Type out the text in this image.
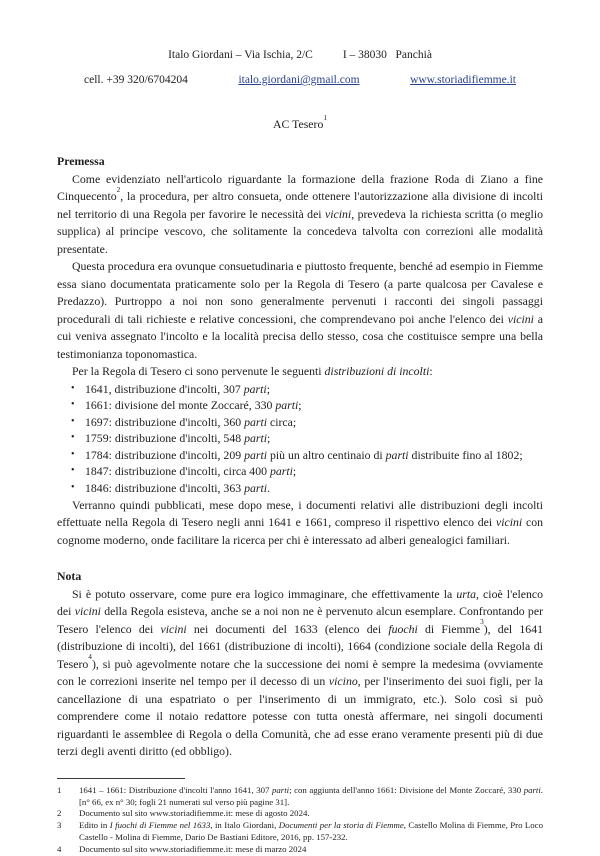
Italo Giordani – Via Ischia, 2/C	I – 38030   Panchià
cell. +39 320/6704204	italo.giordani@gmail.com	www.storiadifiemme.it
AC Tesero$^1$
Premessa

Come evidenziato nell'articolo riguardante la formazione della frazione Roda di Ziano a fine Cinquecento$^2$, la procedura, per altro consueta, onde ottenere l'autorizzazione alla divisione di incolti nel territorio di una Regola per favorire le necessità dei vicini, prevedeva la richiesta scritta (o meglio supplica) al principe vescovo, che solitamente la concedeva talvolta con correzioni alle modalità presentate.

Questa procedura era ovunque consuetudinaria e piuttosto frequente, benché ad esempio in Fiemme essa siano documentata praticamente solo per la Regola di Tesero (a parte qualcosa per Cavalese e Predazzo). Purtroppo a noi non sono generalmente pervenuti i racconti dei singoli passaggi procedurali di tali richieste e relative concessioni, che comprendevano poi anche l'elenco dei vicini a cui veniva assegnato l'incolto e la località precisa dello stesso, cosa che costituisce sempre una bella testimonianza toponomastica.

Per la Regola di Tesero ci sono pervenute le seguenti distribuzioni di incolti:

• 1641, distribuzione d'incolti, 307 parti;
• 1661: divisione del monte Zoccaré, 330 parti;
• 1697: distribuzione d'incolti, 360 parti circa;
• 1759: distribuzione d'incolti, 548 parti;
• 1784: distribuzione d'incolti, 209 parti più un altro centinaio di parti distribuite fino al 1802;
• 1847: distribuzione d'incolti, circa 400 parti;
• 1846: distribuzione d'incolti, 363 parti.

Verranno quindi pubblicati, mese dopo mese, i documenti relativi alle distribuzioni degli incolti effettuate nella Regola di Tesero negli anni 1641 e 1661, compreso il rispettivo elenco dei vicini con cognome moderno, onde facilitare la ricerca per chi è interessato ad alberi genealogici familiari.

Nota

Si è potuto osservare, come pure era logico immaginare, che effettivamente la urta, cioè l'elenco dei vicini della Regola esisteva, anche se a noi non ne è pervenuto alcun esemplare. Confrontando per Tesero l'elenco dei vicini nei documenti del 1633 (elenco dei fuochi di Fiemme$^3$), del 1641 (distribuzione di incolti), del 1661 (distribuzione di incolti), 1664 (condizione sociale della Regola di Tesero$^4$), si può agevolmente notare che la successione dei nomi è sempre la medesima (ovviamente con le correzioni inserite nel tempo per il decesso di un vicino, per l'inserimento dei suoi figli, per la cancellazione di una espatriato o per l'inserimento di un immigrato, etc.). Solo così si può comprendere come il notaio redattore potesse con tutta onestà affermare, nei singoli documenti riguardanti le assemblee di Regola o della Comunità, che ad esse erano veramente presenti più di due terzi degli aventi diritto (ed obbligo).

1	1641 – 1661: Distribuzione d'incolti l'anno 1641, 307 parti; con aggiunta dell'anno 1661: Divisione del Monte Zoccaré, 330 parti. [n° 66, ex n° 30; fogli 21 numerati sul verso più pagine 31].
2	Documento sul sito www.storiadifiemme.it: mese di agosto 2024.
3	Edito in I fuochi di Fiemme nel 1633, in Italo Giordani, Documenti per la storia di Fiemme, Castello Molina di Fiemme, Pro Loco Castello - Molina di Fiemme, Dario De Bastiani Editore, 2016, pp. 157-232.
4	Documento sul sito www.storiadifiemme.it: mese di marzo 2024
